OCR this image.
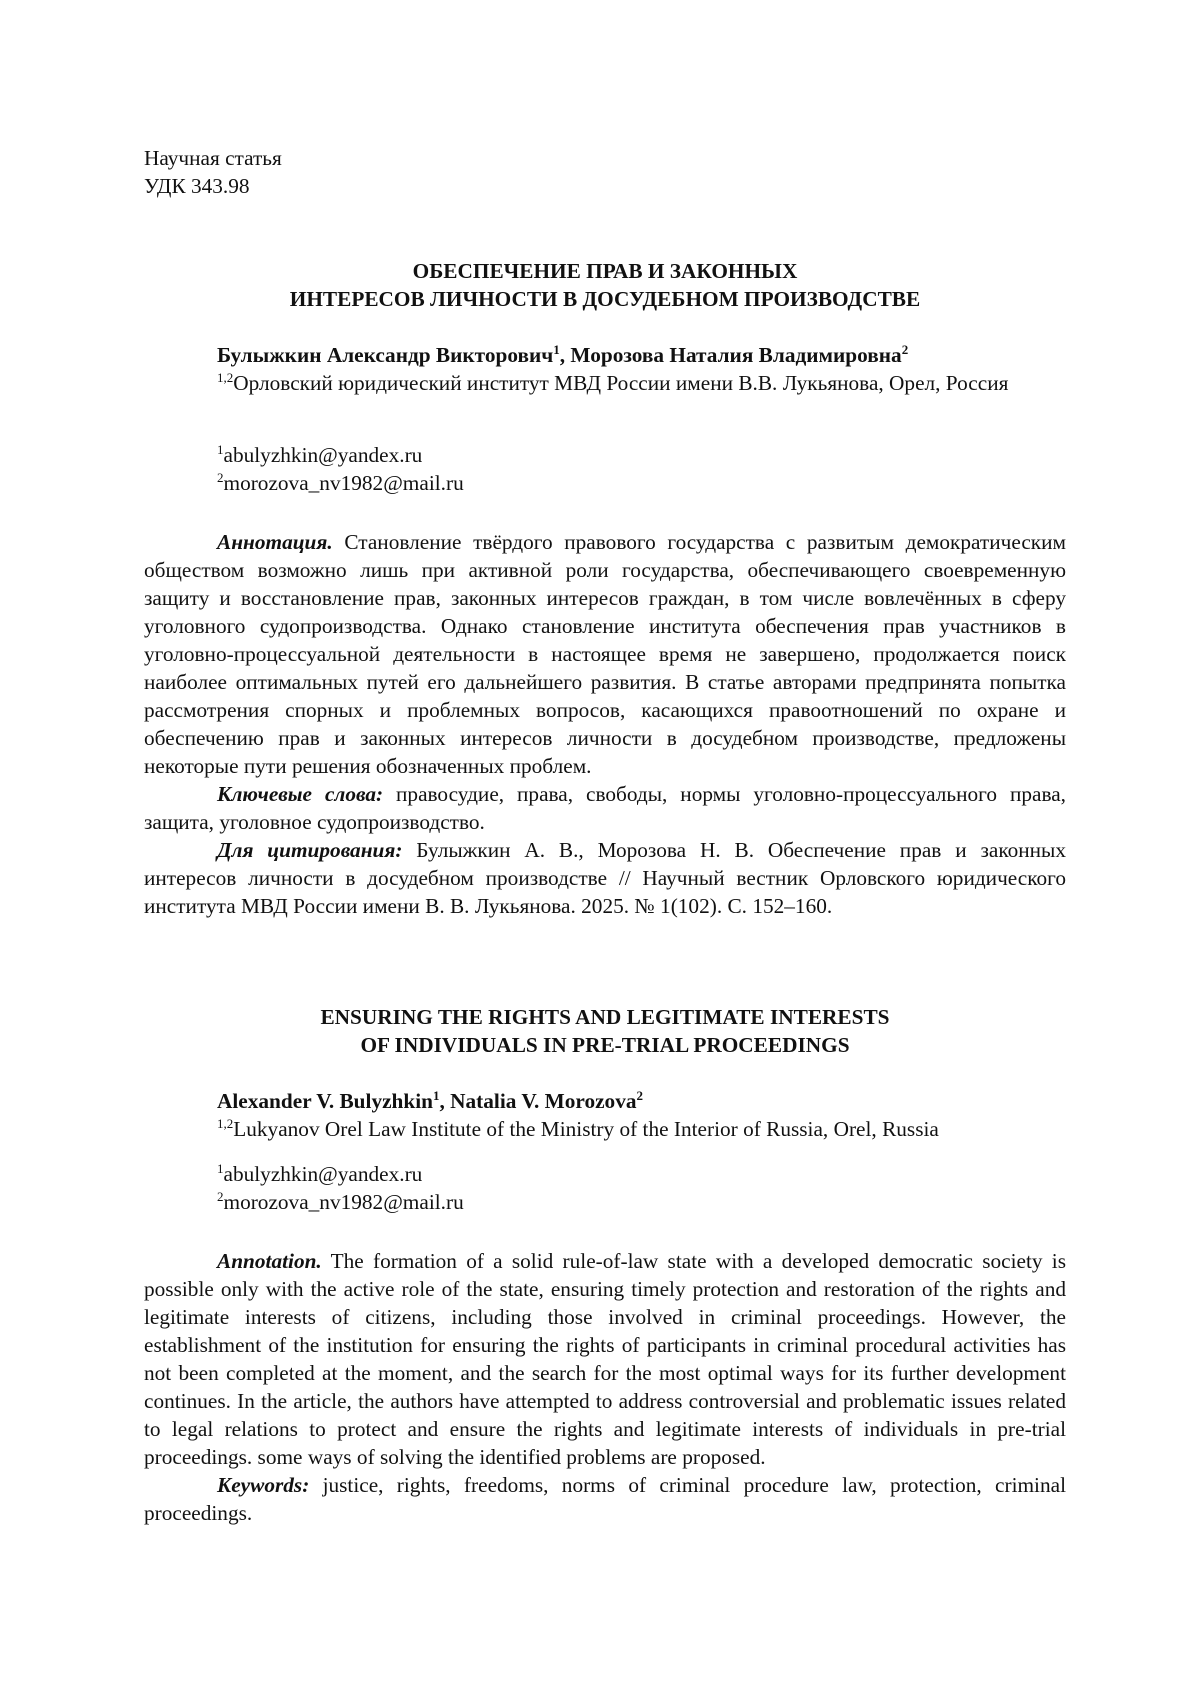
Научная статья

УДК 343.98

ОБЕСПЕЧЕНИЕ ПРАВ И ЗАКОННЫХ

ИНТЕРЕСОВ ЛИЧНОСТИ В ДОСУДЕБНОМ ПРОИЗВОДСТВЕ

Булыжкин Александр Викторович$^1$, Морозова Наталия Владимировна$^2$

$^{1,2}$Орловский юридический институт МВД России имени В.В. Лукьянова, Орел, Россия

$^1$abulyzhkin@yandex.ru

$^2$morozova_nv1982@mail.ru

Аннотация. Становление твёрдого правового государства с развитым демократическим обществом возможно лишь при активной роли государства, обеспечивающего своевременную защиту и восстановление прав, законных интересов граждан, в том числе вовлечённых в сферу уголовного судопроизводства. Однако становление института обеспечения прав участников в уголовно-процессуальной деятельности в настоящее время не завершено, продолжается поиск наиболее оптимальных путей его дальнейшего развития. В статье авторами предпринята попытка рассмотрения спорных и проблемных вопросов, касающихся правоотношений по охране и обеспечению прав и законных интересов личности в досудебном производстве, предложены некоторые пути решения обозначенных проблем.

Ключевые слова: правосудие, права, свободы, нормы уголовно-процессуального права, защита, уголовное судопроизводство.

Для цитирования: Булыжкин А. В., Морозова Н. В. Обеспечение прав и законных интересов личности в досудебном производстве // Научный вестник Орловского юридического института МВД России имени В. В. Лукьянова. 2025. № 1(102). С. 152–160.

ENSURING THE RIGHTS AND LEGITIMATE INTERESTS

OF INDIVIDUALS IN PRE-TRIAL PROCEEDINGS

Alexander V. Bulyzhkin$^1$, Natalia V. Morozova$^2$

$^{1,2}$Lukyanov Orel Law Institute of the Ministry of the Interior of Russia, Orel, Russia

$^1$abulyzhkin@yandex.ru

$^2$morozova_nv1982@mail.ru

Annotation. The formation of a solid rule-of-law state with a developed democratic society is possible only with the active role of the state, ensuring timely protection and restoration of the rights and legitimate interests of citizens, including those involved in criminal proceedings. However, the establishment of the institution for ensuring the rights of participants in criminal procedural activities has not been completed at the moment, and the search for the most optimal ways for its further development continues. In the article, the authors have attempted to address controversial and problematic issues related to legal relations to protect and ensure the rights and legitimate interests of individuals in pre-trial proceedings. some ways of solving the identified problems are proposed.

Keywords: justice, rights, freedoms, norms of criminal procedure law, protection, criminal proceedings.
